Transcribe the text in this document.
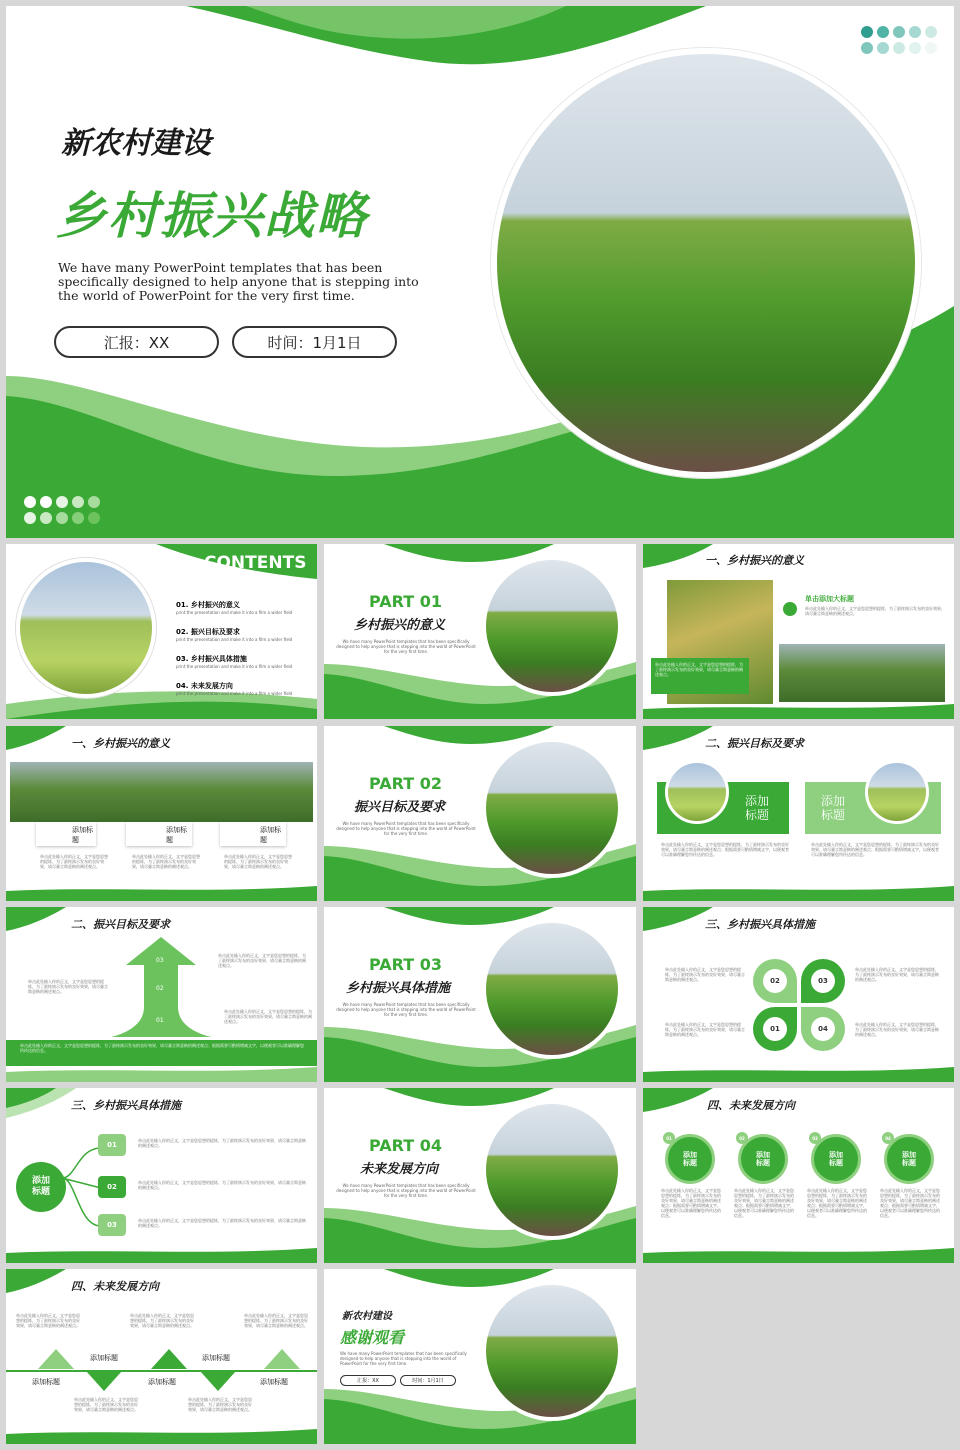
新农村建设
乡村振兴战略
We have many PowerPoint templates that has been specifically designed to help anyone that is stepping into the world of PowerPoint for the very first time.
汇报：XX	时间：1月1日
CONTENTS
01. 乡村振兴的意义
print the presentation and make it into a film a wider field
02. 振兴目标及要求
print the presentation and make it into a film a wider field
03. 乡村振兴具体措施
print the presentation and make it into a film a wider field
04. 未来发展方向
print the presentation and make it into a film a wider field
PART 01
乡村振兴的意义
We have many PowerPoint templates that has been specifically designed to help anyone that is stepping into the world of PowerPoint for the very first time.
一、乡村振兴的意义
单击此处输入你的正文，文字是您思想的提炼，为了最终演示发布的良好效果，请尽量言简意赅的阐述观点。
单击添加大标题
单击此处输入你的正文，文字是您思想的提炼，为了最终演示发布的良好效果，请尽量言简意赅的阐述观点。
一、乡村振兴的意义
添加标题
添加标题
添加标题
单击此处输入你的正文，文字是您思想的提炼，为了最终演示发布的良好效果，请尽量言简意赅的阐述观点。
单击此处输入你的正文，文字是您思想的提炼，为了最终演示发布的良好效果，请尽量言简意赅的阐述观点。
单击此处输入你的正文，文字是您思想的提炼，为了最终演示发布的良好效果，请尽量言简意赅的阐述观点。
PART 02
振兴目标及要求
We have many PowerPoint templates that has been specifically designed to help anyone that is stepping into the world of PowerPoint for the very first time.
二、振兴目标及要求
添加
标题
添加
标题
单击此处输入你的正文，文字是您思想的提炼，为了最终演示发布的良好效果，请尽量言简意赅的阐述观点；根据需要可酌情增减文字，以便观者可以准确理解您所传达的信息。
单击此处输入你的正文，文字是您思想的提炼，为了最终演示发布的良好效果，请尽量言简意赅的阐述观点；根据需要可酌情增减文字，以便观者可以准确理解您所传达的信息。
二、振兴目标及要求
03
02
01
单击此处输入你的正文，文字是您思想的提炼，为了最终演示发布的良好效果，请尽量言简意赅的阐述观点。
单击此处输入你的正文，文字是您思想的提炼，为了最终演示发布的良好效果，请尽量言简意赅的阐述观点。
单击此处输入你的正文，文字是您思想的提炼，为了最终演示发布的良好效果，请尽量言简意赅的阐述观点。
单击此处输入你的正文，文字是您思想的提炼，为了最终演示发布的良好效果，请尽量言简意赅的阐述观点；根据需要可酌情增减文字，以便观者可以准确理解您所传达的信息。
PART 03
乡村振兴具体措施
We have many PowerPoint templates that has been specifically designed to help anyone that is stepping into the world of PowerPoint for the very first time.
三、乡村振兴具体措施
02	03
01	04
单击此处输入你的正文，文字是您思想的提炼，为了最终演示发布的良好效果，请尽量言简意赅的阐述观点。
单击此处输入你的正文，文字是您思想的提炼，为了最终演示发布的良好效果，请尽量言简意赅的阐述观点。
单击此处输入你的正文，文字是您思想的提炼，为了最终演示发布的良好效果，请尽量言简意赅的阐述观点。
单击此处输入你的正文，文字是您思想的提炼，为了最终演示发布的良好效果，请尽量言简意赅的阐述观点。
三、乡村振兴具体措施
添加
标题
01
02
03
单击此处输入你的正文，文字是您思想的提炼，为了最终演示发布的良好效果，请尽量言简意赅的阐述观点。
单击此处输入你的正文，文字是您思想的提炼，为了最终演示发布的良好效果，请尽量言简意赅的阐述观点。
单击此处输入你的正文，文字是您思想的提炼，为了最终演示发布的良好效果，请尽量言简意赅的阐述观点。
PART 04
未来发展方向
We have many PowerPoint templates that has been specifically designed to help anyone that is stepping into the world of PowerPoint for the very first time.
四、未来发展方向
添加
标题
添加
标题
添加
标题
添加
标题
01	02	03	04
单击此处输入你的正文，文字是您思想的提炼，为了最终演示发布的良好效果，请尽量言简意赅的阐述观点；根据需要可酌情增减文字，以便观者可以准确理解您所传达的信息。
单击此处输入你的正文，文字是您思想的提炼，为了最终演示发布的良好效果，请尽量言简意赅的阐述观点；根据需要可酌情增减文字，以便观者可以准确理解您所传达的信息。
单击此处输入你的正文，文字是您思想的提炼，为了最终演示发布的良好效果，请尽量言简意赅的阐述观点；根据需要可酌情增减文字，以便观者可以准确理解您所传达的信息。
单击此处输入你的正文，文字是您思想的提炼，为了最终演示发布的良好效果，请尽量言简意赅的阐述观点；根据需要可酌情增减文字，以便观者可以准确理解您所传达的信息。
四、未来发展方向
单击此处输入你的正文，文字是您思想的提炼，为了最终演示发布的良好效果，请尽量言简意赅的阐述观点。
单击此处输入你的正文，文字是您思想的提炼，为了最终演示发布的良好效果，请尽量言简意赅的阐述观点。
单击此处输入你的正文，文字是您思想的提炼，为了最终演示发布的良好效果，请尽量言简意赅的阐述观点。
添加标题	添加标题
添加标题	添加标题	添加标题
单击此处输入你的正文，文字是您思想的提炼，为了最终演示发布的良好效果，请尽量言简意赅的阐述观点。
单击此处输入你的正文，文字是您思想的提炼，为了最终演示发布的良好效果，请尽量言简意赅的阐述观点。
新农村建设
感谢观看
We have many PowerPoint templates that has been specifically designed to help anyone that is stepping into the world of PowerPoint for the very first time.
汇报：XX	时间：1月1日
